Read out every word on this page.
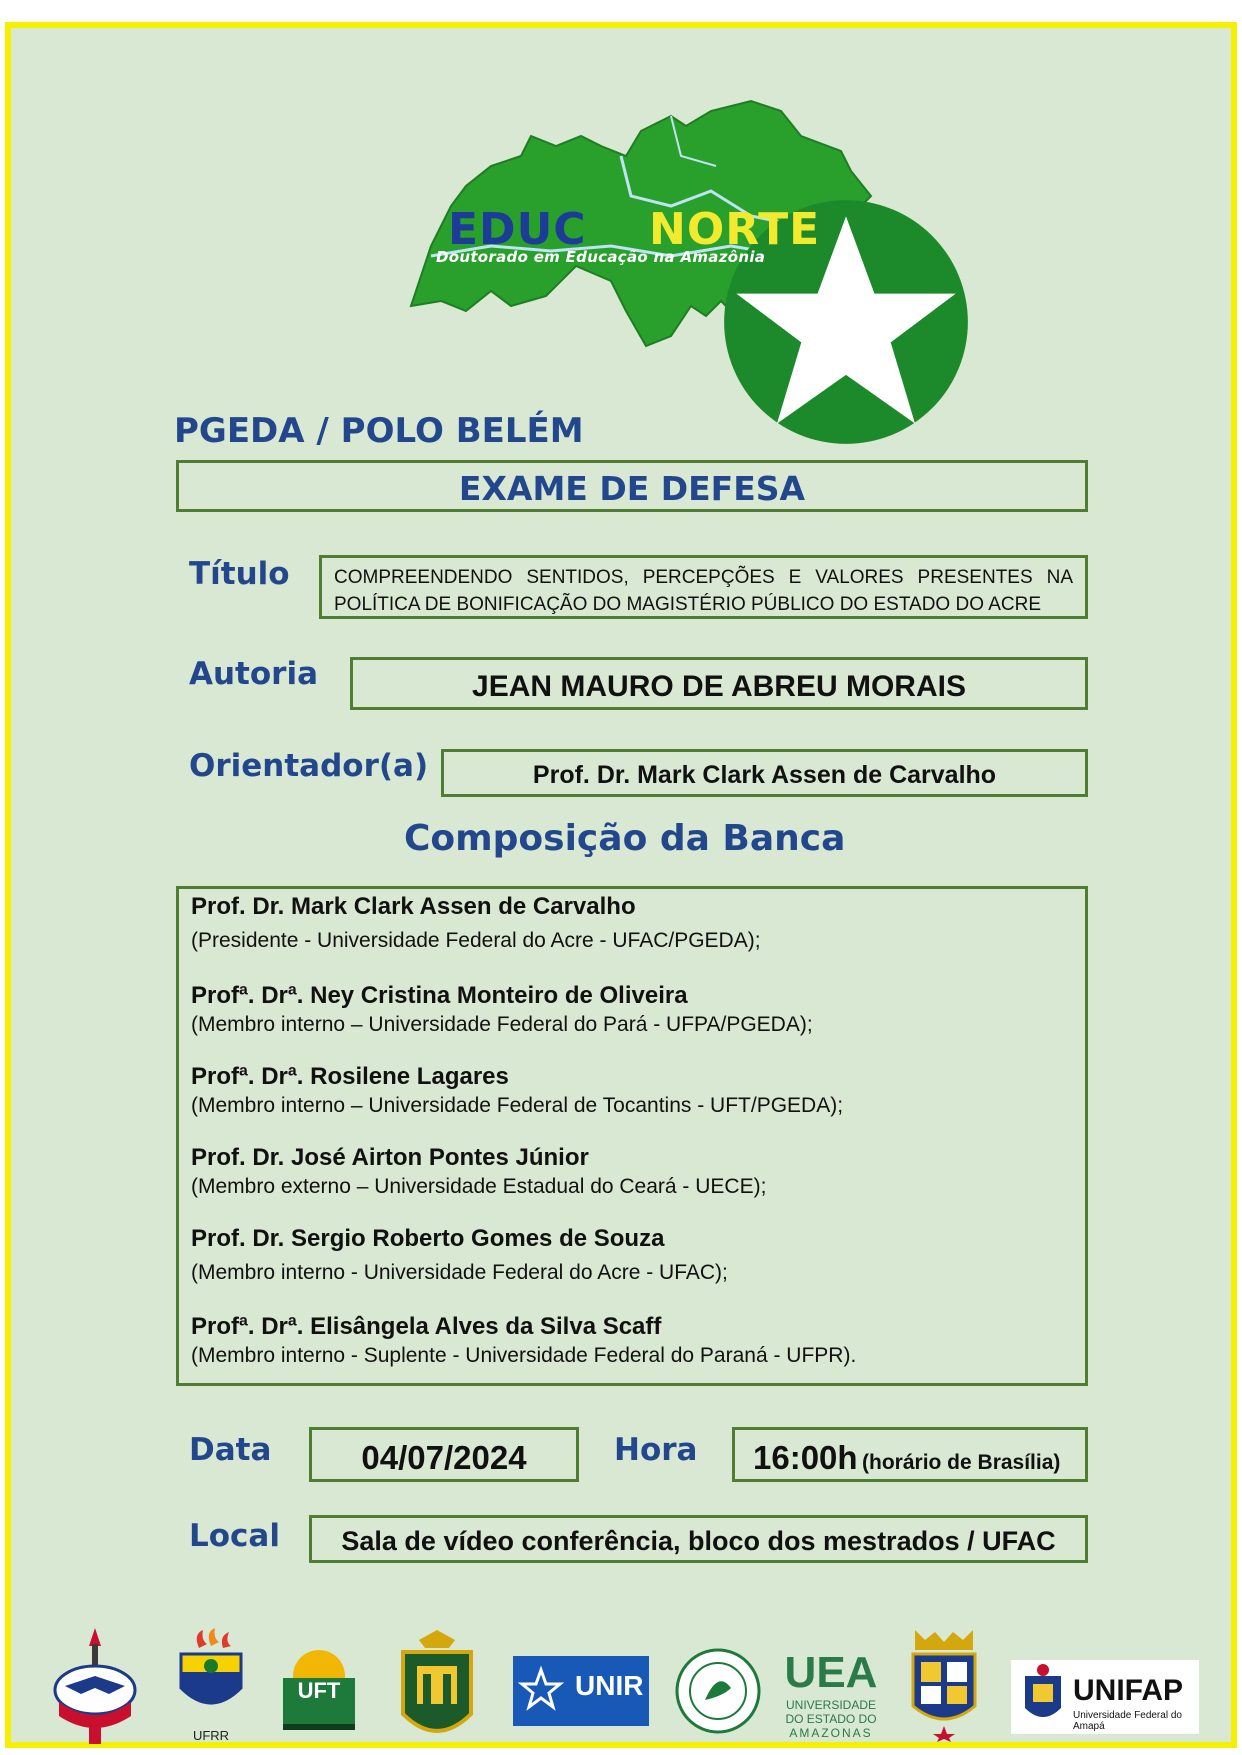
EDUC NORTE
Doutorado em Educação na Amazônia
PGEDA / POLO BELÉM
EXAME DE DEFESA
Título COMPREENDENDO SENTIDOS, PERCEPÇÕES E VALORES PRESENTES NA POLÍTICA DE BONIFICAÇÃO DO MAGISTÉRIO PÚBLICO DO ESTADO DO ACRE
Autoria	JEAN MAURO DE ABREU MORAIS
Orientador(a)	Prof. Dr. Mark Clark Assen de Carvalho
Composição da Banca
Prof. Dr. Mark Clark Assen de Carvalho
(Presidente - Universidade Federal do Acre - UFAC/PGEDA);
Profª. Drª. Ney Cristina Monteiro de Oliveira
(Membro interno – Universidade Federal do Pará - UFPA/PGEDA);
Profª. Drª. Rosilene Lagares
(Membro interno – Universidade Federal de Tocantins - UFT/PGEDA);
Prof. Dr. José Airton Pontes Júnior
(Membro externo – Universidade Estadual do Ceará - UECE);
Prof. Dr. Sergio Roberto Gomes de Souza
(Membro interno - Universidade Federal do Acre - UFAC);
Profª. Drª. Elisângela Alves da Silva Scaff
(Membro interno - Suplente - Universidade Federal do Paraná - UFPR).
Data	04/07/2024	Hora 16:00h (horário de Brasília)
Local	Sala de vídeo conferência, bloco dos mestrados / UFAC
UFRR
UFT	UNIR	UEA
UNIVERSIDADE
DO ESTADO DO
AMAZONAS
UNIFAP
Universidade Federal do Amapá
